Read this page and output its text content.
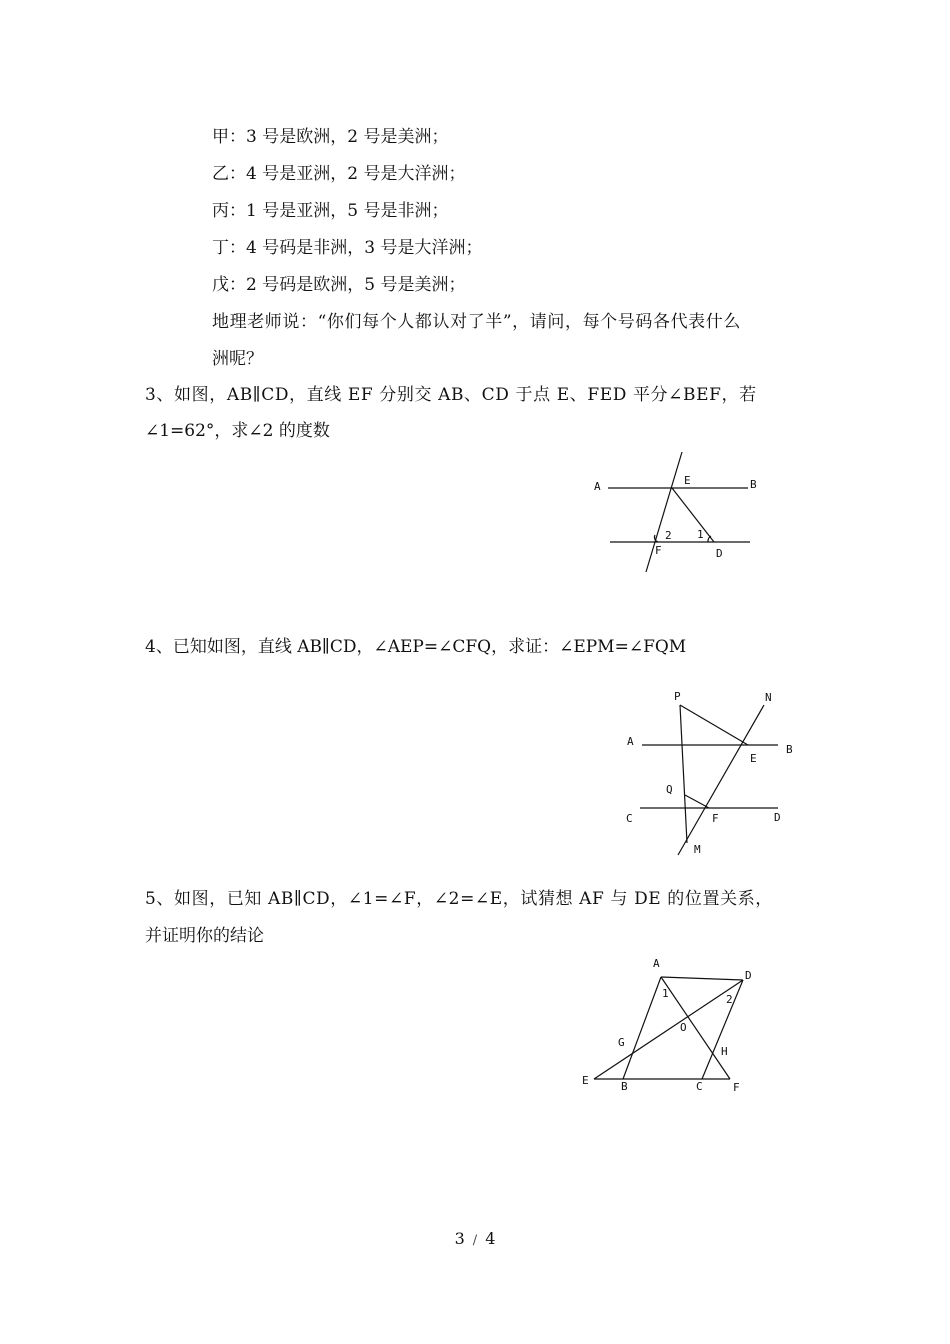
甲：3 号是欧洲，2 号是美洲；
乙：4 号是亚洲，2 号是大洋洲；
丙：1 号是亚洲，5 号是非洲；
丁：4 号码是非洲，3 号是大洋洲；
戊：2 号码是欧洲，5 号是美洲；
地理老师说：“你们每个人都认对了半”，请问，每个号码各代表什么
洲呢？
3、如图，AB∥CD，直线 EF 分别交 AB、CD 于点 E、FED 平分∠BEF，若
∠1=62°，求∠2 的度数
A	B
E
2 1
F	D
4、已知如图，直线 AB∥CD，∠AEP=∠CFQ，求证：∠EPM=∠FQM
P	N
A
B
E
Q
C	F	D
M
5、如图，已知 AB∥CD，∠1=∠F，∠2=∠E，试猜想 AF 与 DE 的位置关系，
并证明你的结论
A
D
1	2
O
G
H
E	B	C	F
3 / 4
